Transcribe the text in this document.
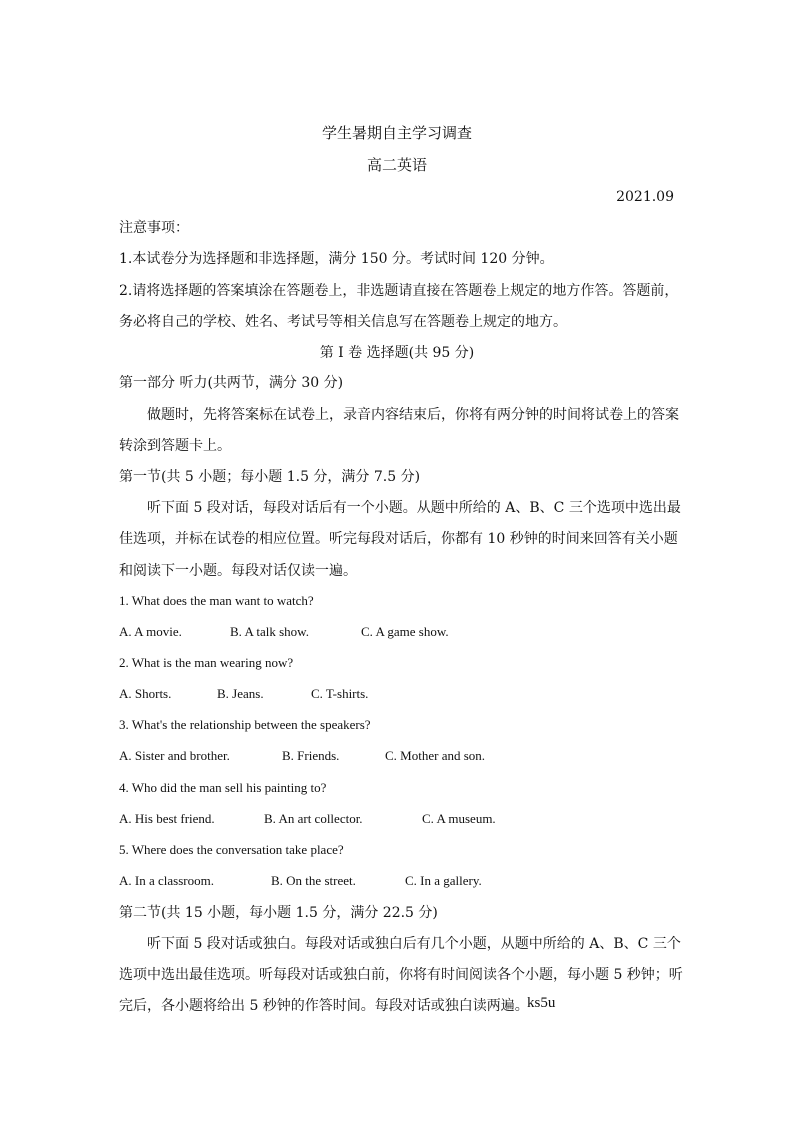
学生暑期自主学习调查
高二英语
2021.09
注意事项：
1.本试卷分为选择题和非选择题，满分 150 分。考试时间 120 分钟。
2.请将选择题的答案填涂在答题卷上，非选题请直接在答题卷上规定的地方作答。答题前，
务必将自己的学校、姓名、考试号等相关信息写在答题卷上规定的地方。
第 I 卷 选择题(共 95 分)
第一部分 听力(共两节，满分 30 分)
做题时，先将答案标在试卷上，录音内容结束后，你将有两分钟的时间将试卷上的答案
转涂到答题卡上。
第一节(共 5 小题；每小题 1.5 分，满分 7.5 分)
听下面 5 段对话，每段对话后有一个小题。从题中所给的 A、B、C 三个选项中选出最
佳选项，并标在试卷的相应位置。听完每段对话后，你都有 10 秒钟的时间来回答有关小题
和阅读下一小题。每段对话仅读一遍。
1. What does the man want to watch?
A. A movie.	B. A talk show.	C. A game show.
2. What is the man wearing now?
A. Shorts.	B. Jeans.	C. T-shirts.
3. What's the relationship between the speakers?
A. Sister and brother.	B. Friends.	C. Mother and son.
4. Who did the man sell his painting to?
A. His best friend.	B. An art collector.	C. A museum.
5. Where does the conversation take place?
A. In a classroom.	B. On the street.	C. In a gallery.
第二节(共 15 小题，每小题 1.5 分，满分 22.5 分)
听下面 5 段对话或独白。每段对话或独白后有几个小题，从题中所给的 A、B、C 三个
选项中选出最佳选项。听每段对话或独白前，你将有时间阅读各个小题，每小题 5 秒钟；听
完后，各小题将给出 5 秒钟的作答时间。每段对话或独白读两遍。
ks5u
